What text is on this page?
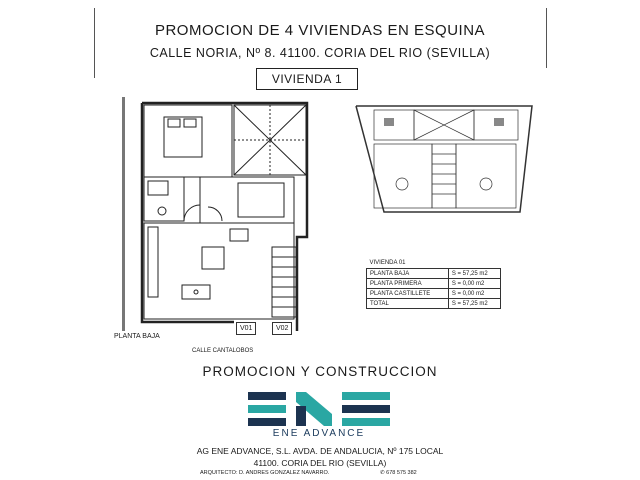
PROMOCION DE 4 VIVIENDAS EN ESQUINA
CALLE NORIA, Nº 8. 41100. CORIA DEL RIO (SEVILLA)
VIVIENDA 1
PLANTA BAJA
CALLE CANTALOBOS
V01	V02
VIVIENDA 01	
PLANTA BAJA	S = 57,25 m2
PLANTA PRIMERA	S = 0,00 m2
PLANTA CASTILLETE	S = 0,00 m2
TOTAL	S = 57,25 m2
PROMOCION Y CONSTRUCCION
ENE ADVANCE
AG ENE ADVANCE, S.L. AVDA. DE ANDALUCIA, Nº 175 LOCAL
41100. CORIA DEL RIO (SEVILLA)
ARQUITECTO: D. ANDRES GONZALEZ NAVARRO.	✆ 678 575 382
